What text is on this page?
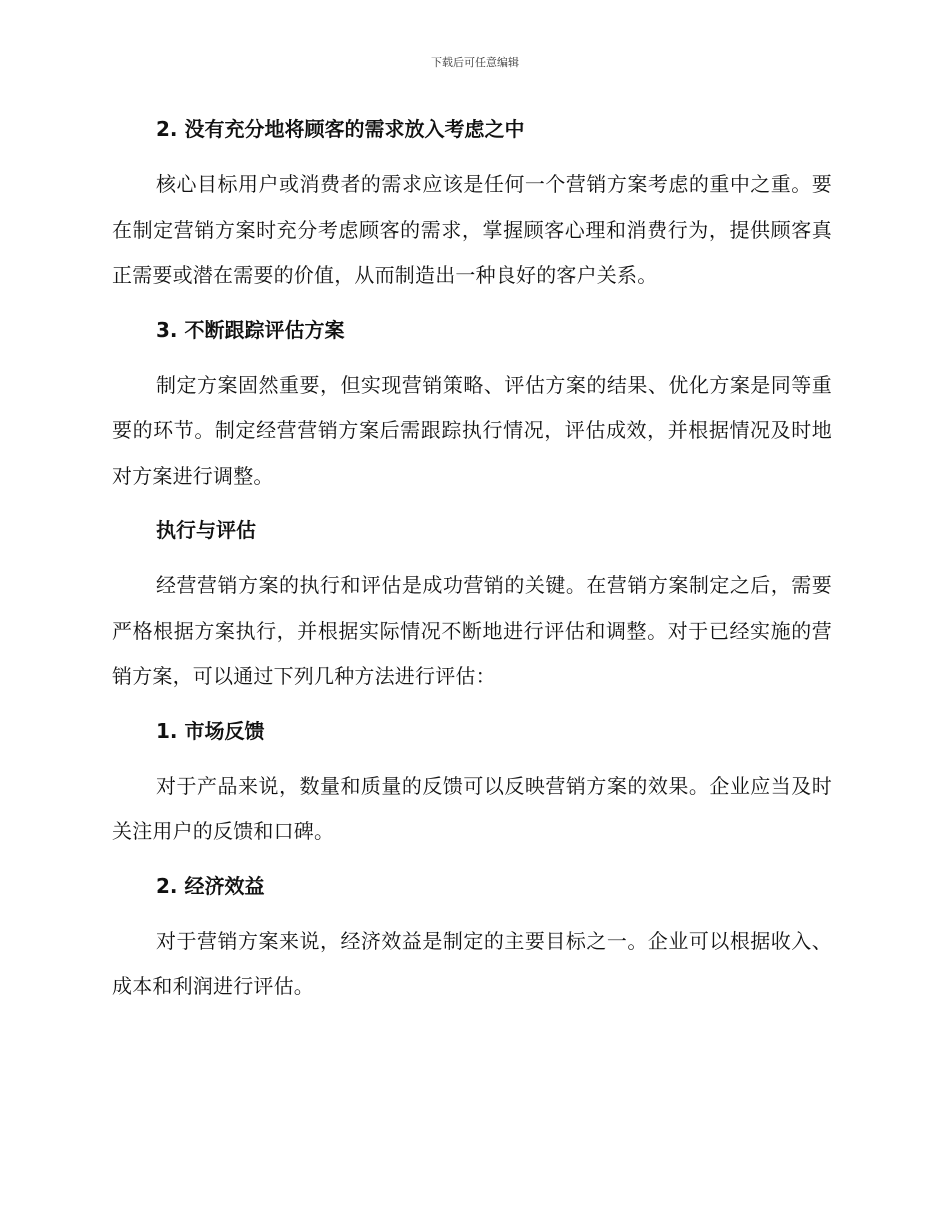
下载后可任意编辑
2. 没有充分地将顾客的需求放入考虑之中
核心目标用户或消费者的需求应该是任何一个营销方案考虑的重中之重。要在制定营销方案时充分考虑顾客的需求，掌握顾客心理和消费行为，提供顾客真正需要或潜在需要的价值，从而制造出一种良好的客户关系。
3. 不断跟踪评估方案
制定方案固然重要，但实现营销策略、评估方案的结果、优化方案是同等重要的环节。制定经营营销方案后需跟踪执行情况，评估成效，并根据情况及时地对方案进行调整。
执行与评估
经营营销方案的执行和评估是成功营销的关键。在营销方案制定之后，需要严格根据方案执行，并根据实际情况不断地进行评估和调整。对于已经实施的营销方案，可以通过下列几种方法进行评估：
1. 市场反馈
对于产品来说，数量和质量的反馈可以反映营销方案的效果。企业应当及时关注用户的反馈和口碑。
2. 经济效益
对于营销方案来说，经济效益是制定的主要目标之一。企业可以根据收入、成本和利润进行评估。
